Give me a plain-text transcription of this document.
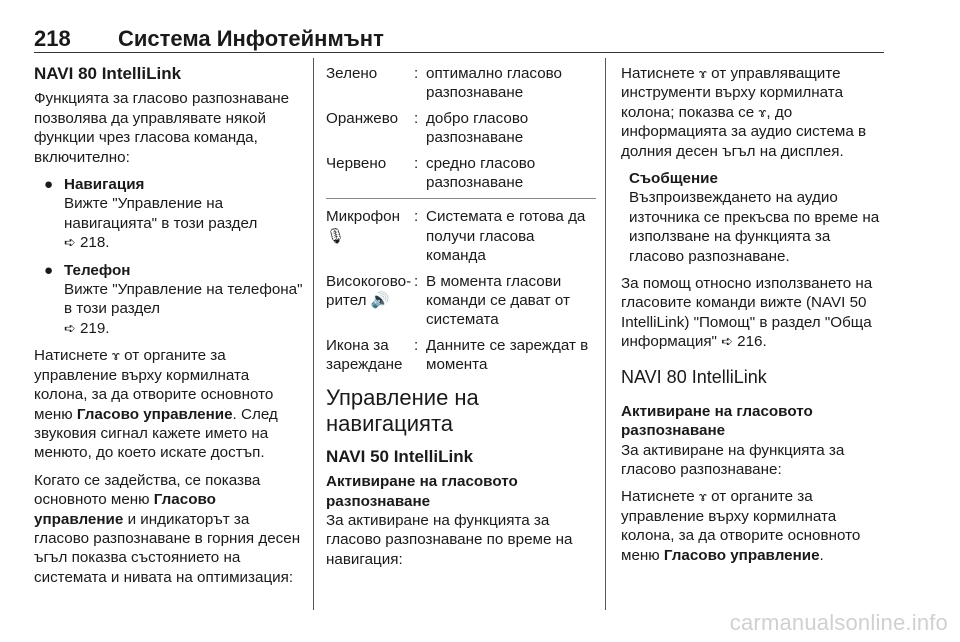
218 Система Инфотейнмънт
NAVI 80 IntelliLink

Функцията за гласово разпознаване позволява да управлявате някой функции чрез гласова команда, включително:

● Навигация
Вижте "Управление на навигацията" в този раздел
➪ 218.
● Телефон
Вижте "Управление на телефона" в този раздел
➪ 219.

Натиснете ɤ от органите за управление върху кормилната колона, за да отворите основното меню Гласово управление. След звуковия сигнал кажете името на менюто, до което искате достъп.

Когато се задейства, се показва основното меню Гласово управление и индикаторът за гласово разпознаване в горния десен ъгъл показва състоянието на системата и нивата на оптимизация:

Зелено	: оптимално гласово разпознаване
Оранжево	: добро гласово разпознаване
Червено	: средно гласово разпознаване
Микрофон 🎙
: Системата е готова да получи гласова команда
Високогово-рител 🔊
: В момента гласови команди се дават от системата
Икона за зареждане
: Данните се зареждат в момента
Управление на навигацията
NAVI 50 IntelliLink
Активиране на гласовото разпознаване

За активиране на функцията за гласово разпознаване по време на навигация:

Натиснете ɤ от управляващите инструменти върху кормилната колона; показва се ɤ, до информацията за аудио система в долния десен ъгъл на дисплея.

Съобщение
Възпроизвеждането на аудио източника се прекъсва по време на използване на функцията за гласово разпознаване.

За помощ относно използването на гласовите команди вижте (NAVI 50 IntelliLink) "Помощ" в раздел "Обща информация" ➪ 216.

NAVI 80 IntelliLink
Активиране на гласовото разпознаване

За активиране на функцията за гласово разпознаване:

Натиснете ɤ от органите за управление върху кормилната колона, за да отворите основното меню Гласово управление.

carmanualsonline.info
